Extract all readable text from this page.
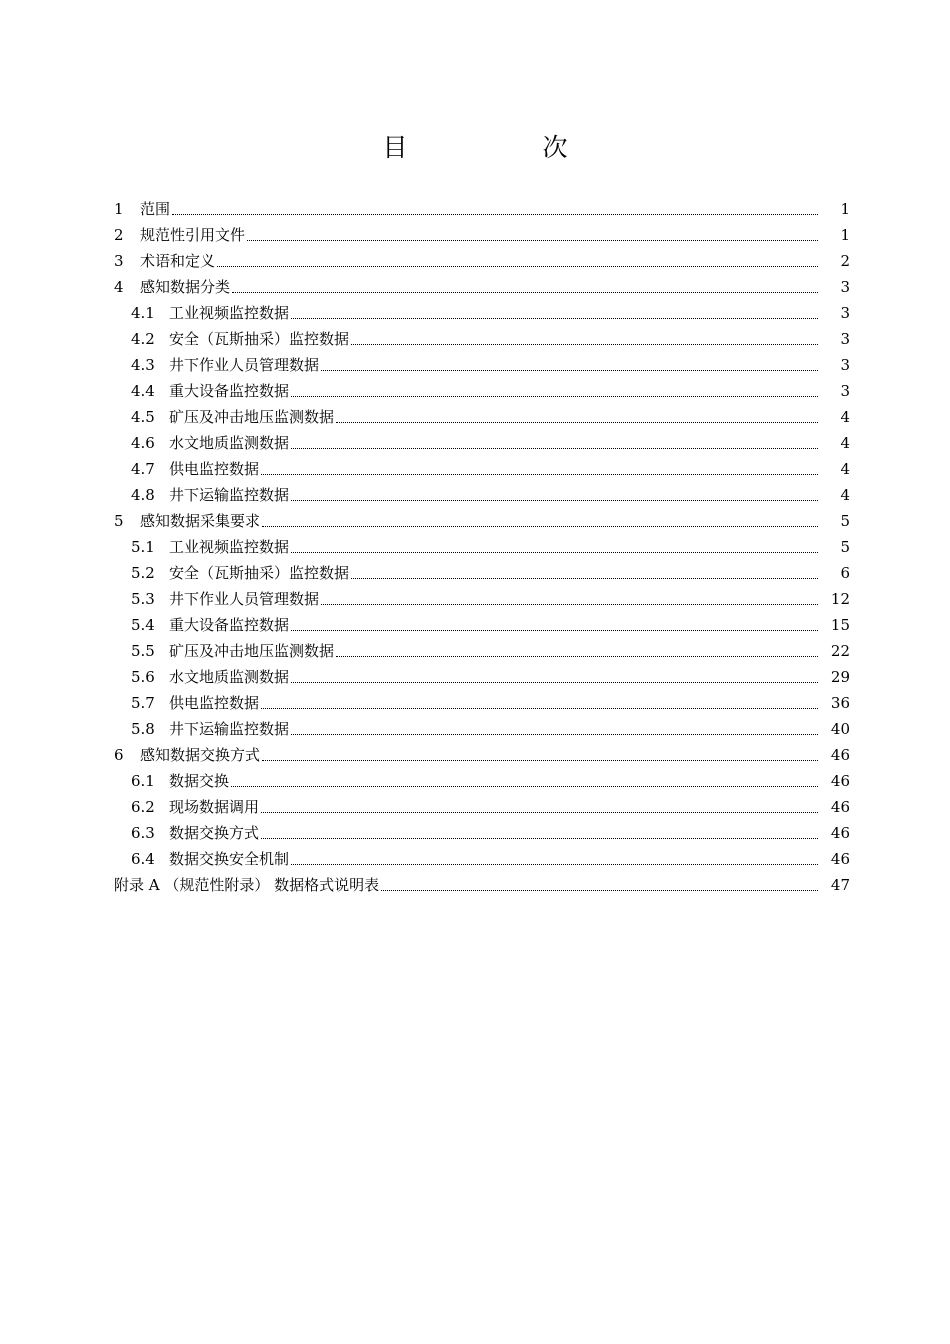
目　次
1	范围	1
2	规范性引用文件	1
3	术语和定义	2
4	感知数据分类	3
4.1 工业视频监控数据	3
4.2 安全（瓦斯抽采）监控数据	3
4.3 井下作业人员管理数据	3
4.4 重大设备监控数据	3
4.5 矿压及冲击地压监测数据	4
4.6 水文地质监测数据	4
4.7 供电监控数据	4
4.8 井下运输监控数据	4
5	感知数据采集要求	5
5.1 工业视频监控数据	5
5.2 安全（瓦斯抽采）监控数据	6
5.3 井下作业人员管理数据	12
5.4 重大设备监控数据	15
5.5 矿压及冲击地压监测数据	22
5.6 水文地质监测数据	29
5.7 供电监控数据	36
5.8 井下运输监控数据	40
6	感知数据交换方式	46
6.1 数据交换	46
6.2 现场数据调用	46
6.3 数据交换方式	46
6.4 数据交换安全机制	46
附录 A （规范性附录） 数据格式说明表	47
